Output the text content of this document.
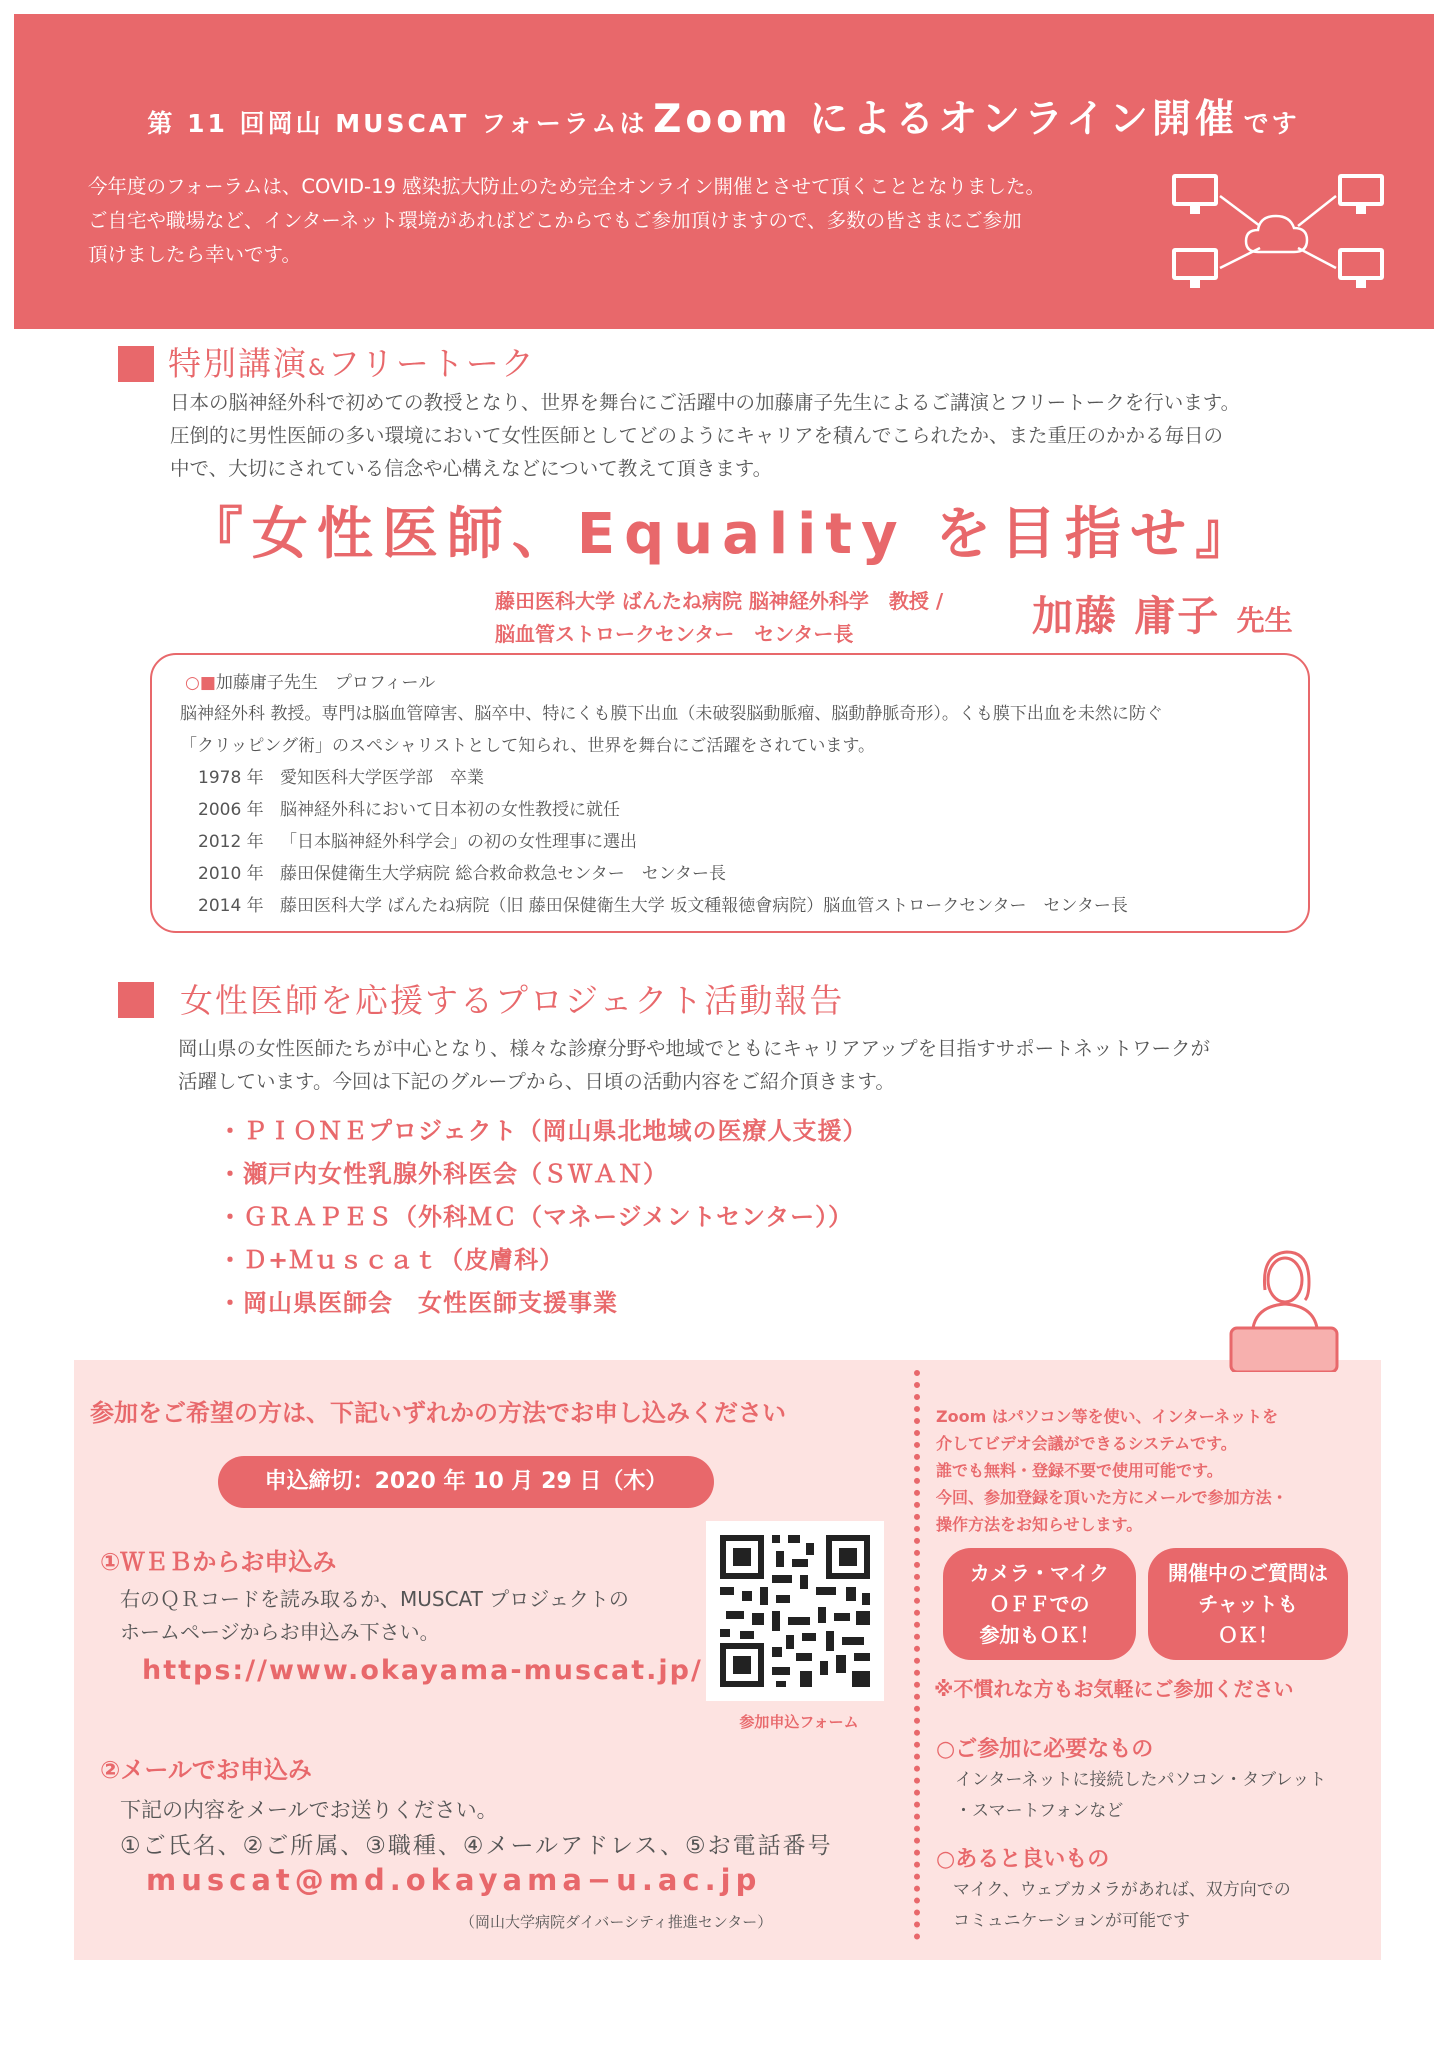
第 11 回岡山 MUSCAT フォーラムは Zoom によるオンライン開催 です
今年度のフォーラムは、COVID-19 感染拡大防止のため完全オンライン開催とさせて頂くこととなりました。
ご自宅や職場など、インターネット環境があればどこからでもご参加頂けますので、多数の皆さまにご参加
頂けましたら幸いです。
特別講演&フリートーク
日本の脳神経外科で初めての教授となり、世界を舞台にご活躍中の加藤庸子先生によるご講演とフリートークを行います。
圧倒的に男性医師の多い環境において女性医師としてどのようにキャリアを積んでこられたか、また重圧のかかる毎日の
中で、大切にされている信念や心構えなどについて教えて頂きます。
『女性医師、Equality を目指せ』
藤田医科大学 ばんたね病院 脳神経外科学　教授 /
脳血管ストロークセンター　センター長	加藤 庸子 先生
○■加藤庸子先生　プロフィール
脳神経外科 教授。専門は脳血管障害、脳卒中、特にくも膜下出血（未破裂脳動脈瘤、脳動静脈奇形）。くも膜下出血を未然に防ぐ
「クリッピング術」のスペシャリストとして知られ、世界を舞台にご活躍をされています。
1978 年 愛知医科大学医学部　卒業
2006 年 脳神経外科において日本初の女性教授に就任
2012 年 「日本脳神経外科学会」の初の女性理事に選出
2010 年 藤田保健衛生大学病院 総合救命救急センター　センター長
2014 年 藤田医科大学 ばんたね病院（旧 藤田保健衛生大学 坂文種報徳會病院）脳血管ストロークセンター　センター長
女性医師を応援するプロジェクト活動報告
岡山県の女性医師たちが中心となり、様々な診療分野や地域でともにキャリアアップを目指すサポートネットワークが
活躍しています。今回は下記のグループから、日頃の活動内容をご紹介頂きます。
・ＰＩＯＮＥプロジェクト（岡山県北地域の医療人支援）
・瀬戸内女性乳腺外科医会（ＳＷＡＮ）
・ＧＲＡＰＥＳ（外科ＭＣ（マネージメントセンター））
・Ｄ+Ｍｕｓｃａｔ（皮膚科）
・岡山県医師会　女性医師支援事業
参加をご希望の方は、下記いずれかの方法でお申し込みください
申込締切：2020 年 10 月 29 日（木）
①ＷＥＢからお申込み
右のＱＲコードを読み取るか、MUSCAT プロジェクトの
ホームページからお申込み下さい。
https://www.okayama-muscat.jp/
参加申込フォーム
②メールでお申込み
下記の内容をメールでお送りください。
①ご氏名、②ご所属、③職種、④メールアドレス、⑤お電話番号
muscat@md.okayama−u.ac.jp
（岡山大学病院ダイバーシティ推進センター）
Zoom はパソコン等を使い、インターネットを
介してビデオ会議ができるシステムです。
誰でも無料・登録不要で使用可能です。
今回、参加登録を頂いた方にメールで参加方法・
操作方法をお知らせします。
カメラ・マイク
ＯＦＦでの
参加もＯＫ！
開催中のご質問は
チャットも
ＯＫ！
※不慣れな方もお気軽にご参加ください
○ご参加に必要なもの
インターネットに接続したパソコン・タブレット
・スマートフォンなど
○あると良いもの
マイク、ウェブカメラがあれば、双方向での
コミュニケーションが可能です
